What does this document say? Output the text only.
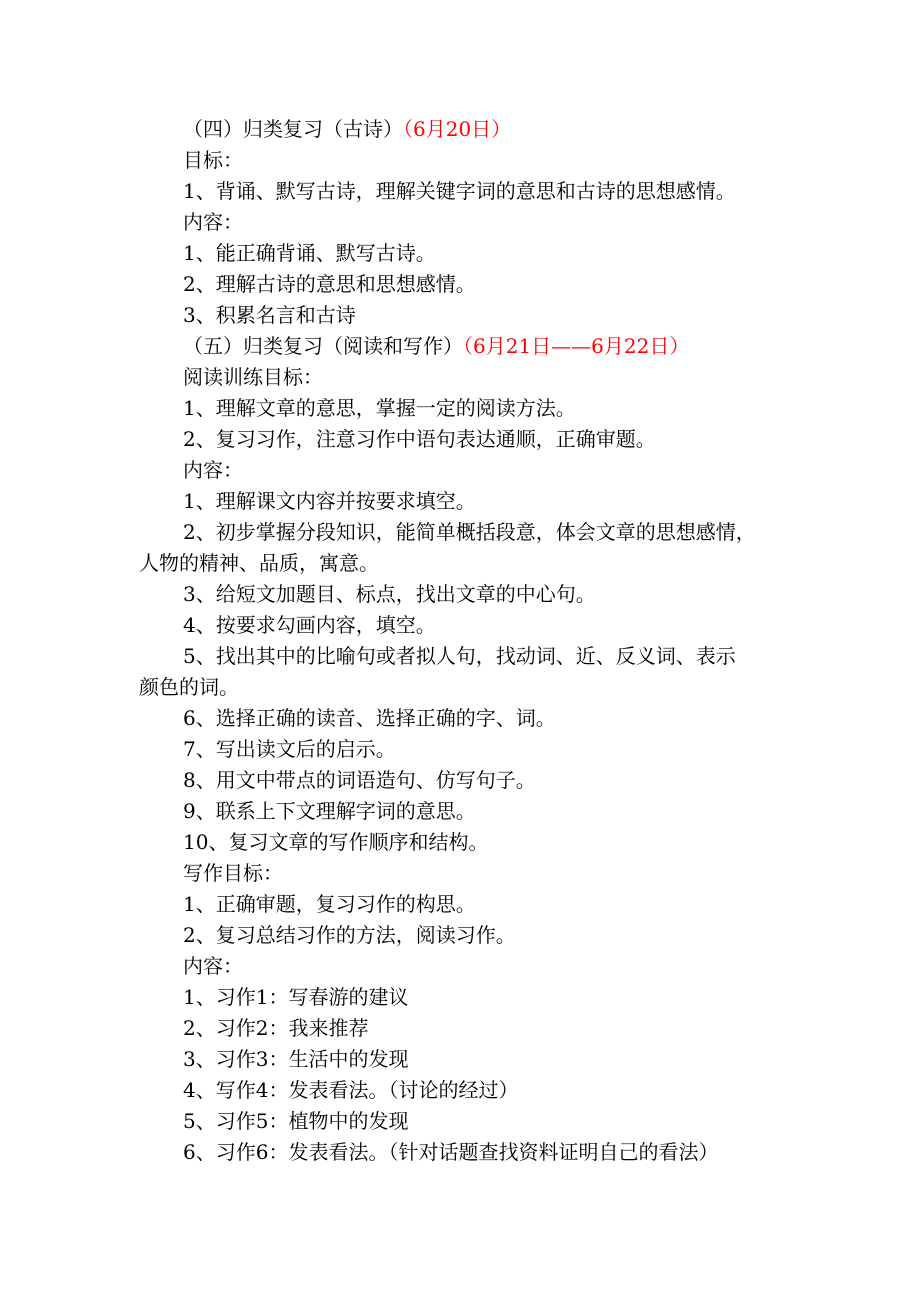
（四）归类复习（古诗）（6月20日）
目标：
1、背诵、默写古诗，理解关键字词的意思和古诗的思想感情。
内容：
1、能正确背诵、默写古诗。
2、理解古诗的意思和思想感情。
3、积累名言和古诗
（五）归类复习（阅读和写作）（6月21日——6月22日）
阅读训练目标：
1、理解文章的意思，掌握一定的阅读方法。
2、复习习作，注意习作中语句表达通顺，正确审题。
内容：
1、理解课文内容并按要求填空。
2、初步掌握分段知识，能简单概括段意，体会文章的思想感情，
人物的精神、品质，寓意。
3、给短文加题目、标点，找出文章的中心句。
4、按要求勾画内容，填空。
5、找出其中的比喻句或者拟人句，找动词、近、反义词、表示
颜色的词。
6、选择正确的读音、选择正确的字、词。
7、写出读文后的启示。
8、用文中带点的词语造句、仿写句子。
9、联系上下文理解字词的意思。
10、复习文章的写作顺序和结构。
写作目标：
1、正确审题，复习习作的构思。
2、复习总结习作的方法，阅读习作。
内容：
1、习作1：写春游的建议
2、习作2：我来推荐
3、习作3：生活中的发现
4、写作4：发表看法。（讨论的经过）
5、习作5：植物中的发现
6、习作6：发表看法。（针对话题查找资料证明自己的看法）
